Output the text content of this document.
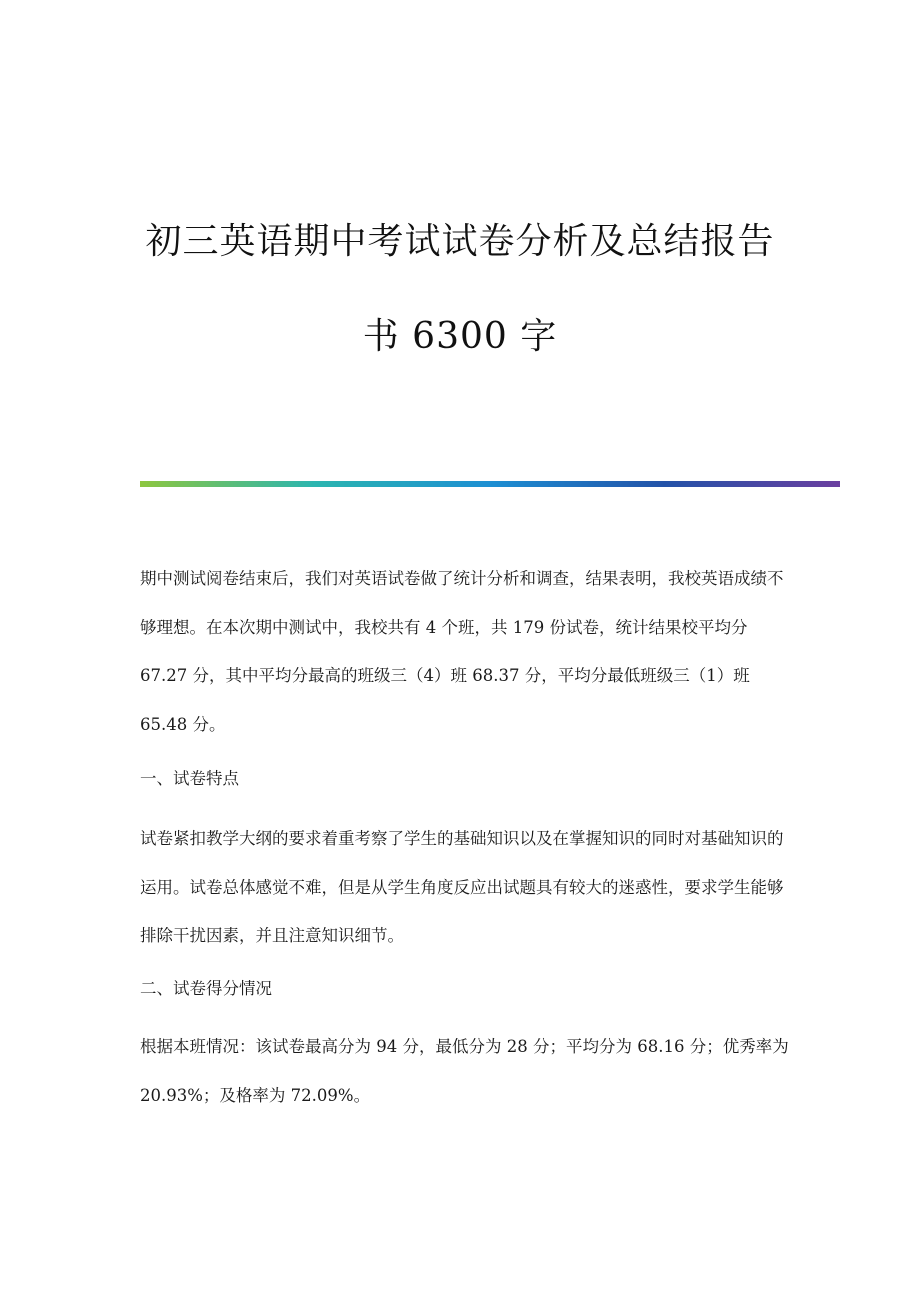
初三英语期中考试试卷分析及总结报告
书 6300 字

期中测试阅卷结束后，我们对英语试卷做了统计分析和调查，结果表明，我校英语成绩不够理想。在本次期中测试中，我校共有 4 个班，共 179 份试卷，统计结果校平均分 67.27 分，其中平均分最高的班级三（4）班 68.37 分，平均分最低班级三（1）班 65.48 分。

一、试卷特点

试卷紧扣教学大纲的要求着重考察了学生的基础知识以及在掌握知识的同时对基础知识的运用。试卷总体感觉不难，但是从学生角度反应出试题具有较大的迷惑性，要求学生能够排除干扰因素，并且注意知识细节。

二、试卷得分情况

根据本班情况：该试卷最高分为 94 分，最低分为 28 分；平均分为 68.16 分；优秀率为 20.93%；及格率为 72.09%。
